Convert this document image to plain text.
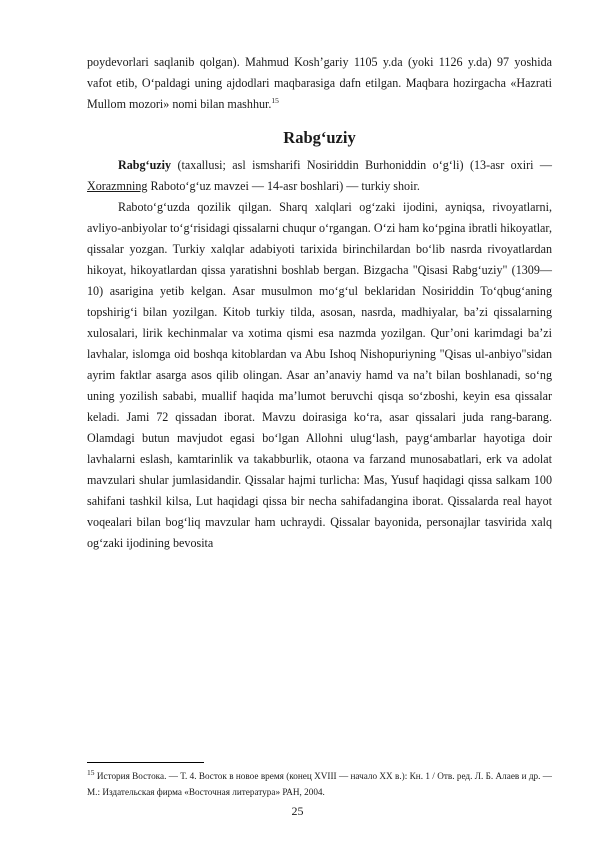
poydevorlari saqlanib qolgan). Mahmud Kosh’gariy 1105 y.da (yoki 1126 y.da) 97 yoshida vafot etib, O‘paldagi uning ajdodlari maqbarasiga dafn etilgan. Maqbara hozirgacha «Hazrati Mullom mozori» nomi bilan mashhur.$^{15}$

Rabg‘uziy

Rabg‘uziy (taxallusi; asl ismsharifi Nosiriddin Burhoniddin o‘g‘li) (13-asr oxiri — Xorazmning Raboto‘g‘uz mavzei — 14-asr boshlari) — turkiy shoir.

Raboto‘g‘uzda qozilik qilgan. Sharq xalqlari og‘zaki ijodini, ayniqsa, rivoyatlarni, avliyo-anbiyolar to‘g‘risidagi qissalarni chuqur o‘rgangan. O‘zi ham ko‘pgina ibratli hikoyatlar, qissalar yozgan. Turkiy xalqlar adabiyoti tarixida birinchilardan bo‘lib nasrda rivoyatlardan hikoyat, hikoyatlardan qissa yaratishni boshlab bergan. Bizgacha "Qisasi Rabg‘uziy" (1309—10) asarigina yetib kelgan. Asar musulmon mo‘g‘ul beklaridan Nosiriddin To‘qbug‘aning topshirig‘i bilan yozilgan. Kitob turkiy tilda, asosan, nasrda, madhiyalar, ba’zi qissalarning xulosalari, lirik kechinmalar va xotima qismi esa nazmda yozilgan. Qur’oni karimdagi ba’zi lavhalar, islomga oid boshqa kitoblardan va Abu Ishoq Nishopuriyning "Qisas ul-anbiyo"sidan ayrim faktlar asarga asos qilib olingan. Asar an’anaviy hamd va na’t bilan boshlanadi, so‘ng uning yozilish sababi, muallif haqida ma’lumot beruvchi qisqa so‘zboshi, keyin esa qissalar keladi. Jami 72 qissadan iborat. Mavzu doirasiga ko‘ra, asar qissalari juda rang-barang. Olamdagi butun mavjudot egasi bo‘lgan Allohni ulug‘lash, payg‘ambarlar hayotiga doir lavhalarni eslash, kamtarinlik va takabburlik, otaona va farzand munosabatlari, erk va adolat mavzulari shular jumlasidandir. Qissalar hajmi turlicha: Mas, Yusuf haqidagi qissa salkam 100 sahifani tashkil kilsa, Lut haqidagi qissa bir necha sahifadangina iborat. Qissalarda real hayot voqealari bilan bog‘liq mavzular ham uchraydi. Qissalar bayonida, personajlar tasvirida xalq og‘zaki ijodining bevosita

$^{15}$ История Востока. — Т. 4. Восток в новое время (конец XVIII — начало XX в.): Кн. 1 / Отв. ред. Л. Б. Алаев и др. — М.: Издательская фирма «Восточная литература» РАН, 2004.
25
